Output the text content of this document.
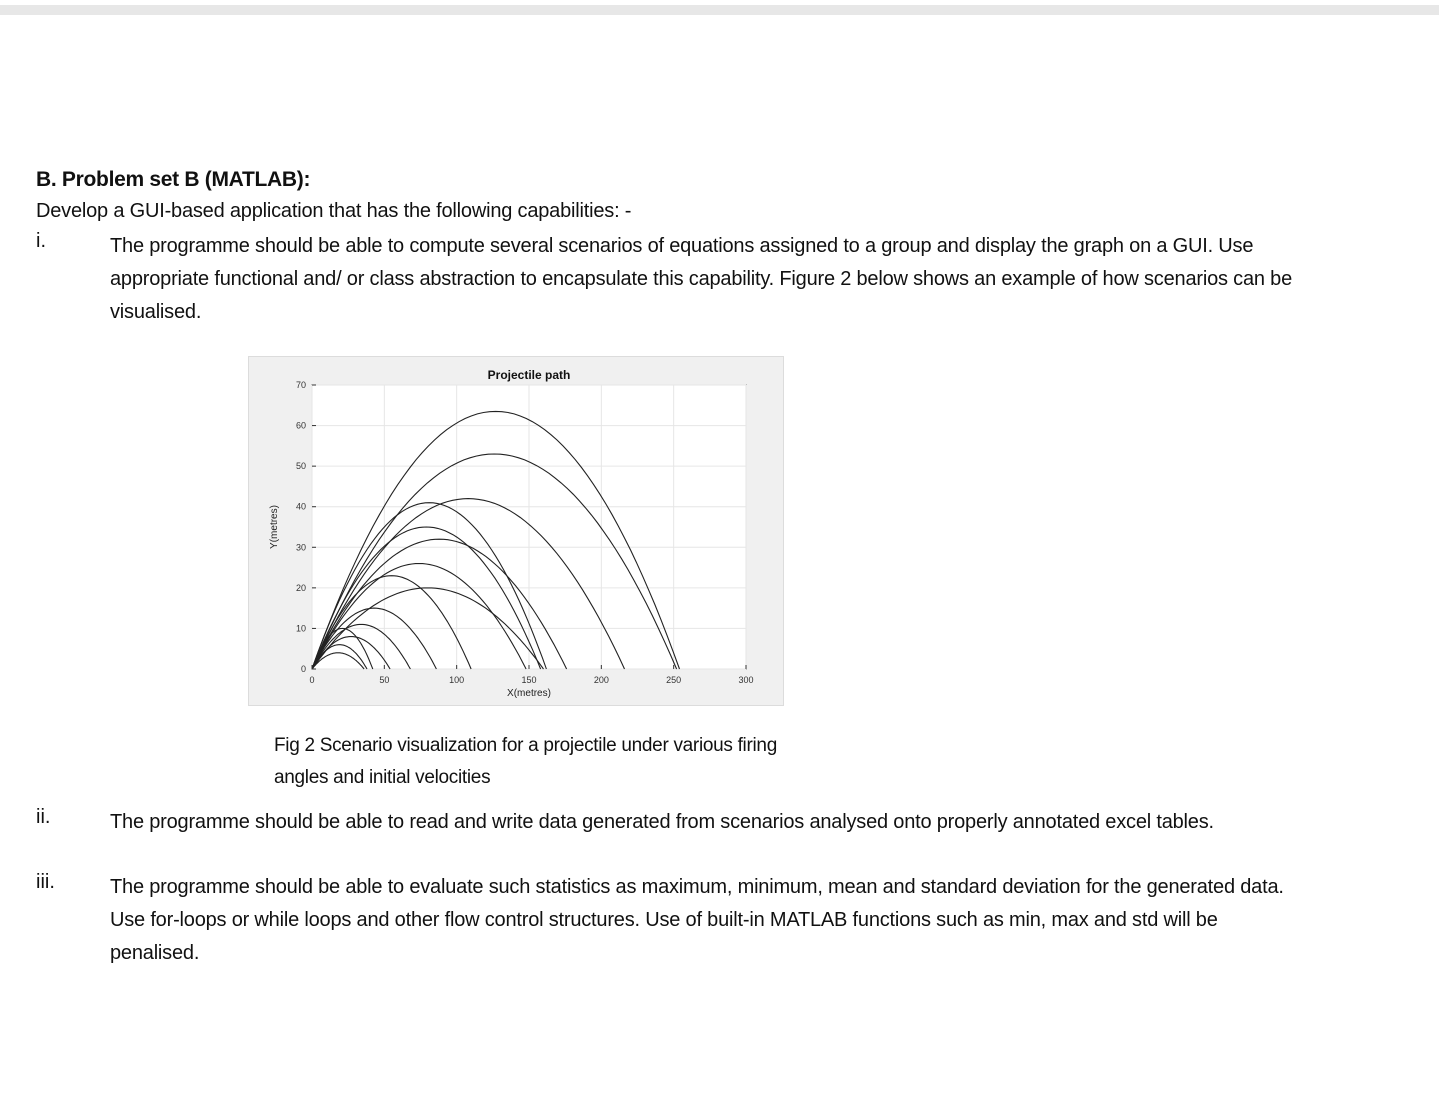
B. Problem set B (MATLAB):
Develop a GUI-based application that has the following capabilities: -
i.	The programme should be able to compute several scenarios of equations assigned to a group and display the graph on a GUI. Use appropriate functional and/ or class abstraction to encapsulate this capability. Figure 2 below shows an example of how scenarios can be visualised.
0	50	100	150	200	250	300
0
10
20
30
40
50
60
70
Projectile path
X(metres)
Y(metres)
Fig 2 Scenario visualization for a projectile under various firing angles and initial velocities
ii.	The programme should be able to read and write data generated from scenarios analysed onto properly annotated excel tables.
iii.	The programme should be able to evaluate such statistics as maximum, minimum, mean and standard deviation for the generated data. Use for-loops or while loops and other flow control structures. Use of built-in MATLAB functions such as min, max and std will be penalised.
